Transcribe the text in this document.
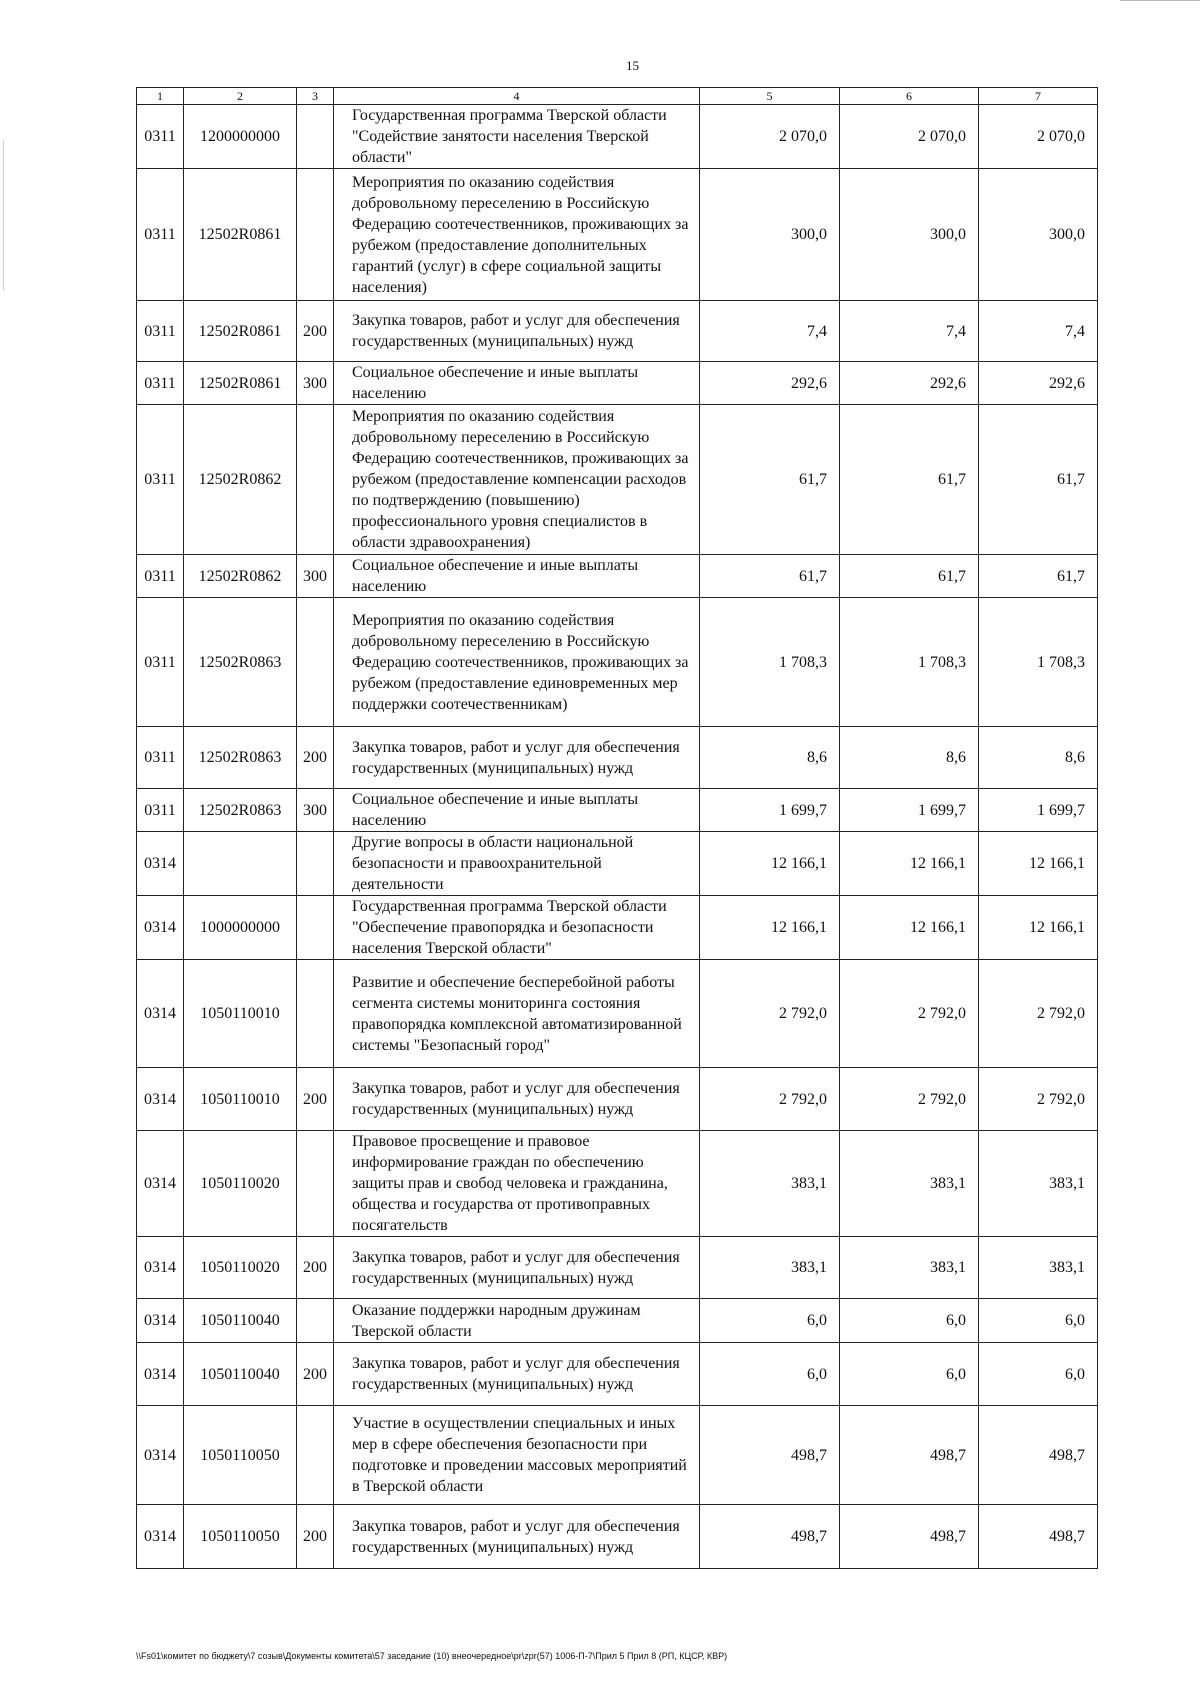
15
1	2	3	4	5	6	7
0311	1200000000		Государственная программа Тверской области "Содействие занятости населения Тверской области"	2 070,0	2 070,0	2 070,0
0311	12502R0861		Мероприятия по оказанию содействия добровольному переселению в Российскую Федерацию соотечественников, проживающих за рубежом (предоставление дополнительных гарантий (услуг) в сфере социальной защиты населения)	300,0	300,0	300,0
0311	12502R0861	200	Закупка товаров, работ и услуг для обеспечения государственных (муниципальных) нужд	7,4	7,4	7,4
0311	12502R0861	300	Социальное обеспечение и иные выплаты населению	292,6	292,6	292,6
0311	12502R0862		Мероприятия по оказанию содействия добровольному переселению в Российскую Федерацию соотечественников, проживающих за рубежом (предоставление компенсации расходов по подтверждению (повышению) профессионального уровня специалистов в области здравоохранения)	61,7	61,7	61,7
0311	12502R0862	300	Социальное обеспечение и иные выплаты населению	61,7	61,7	61,7
0311	12502R0863		Мероприятия по оказанию содействия добровольному переселению в Российскую Федерацию соотечественников, проживающих за рубежом (предоставление единовременных мер поддержки соотечественникам)	1 708,3	1 708,3	1 708,3
0311	12502R0863	200	Закупка товаров, работ и услуг для обеспечения государственных (муниципальных) нужд	8,6	8,6	8,6
0311	12502R0863	300	Социальное обеспечение и иные выплаты населению	1 699,7	1 699,7	1 699,7
0314			Другие вопросы в области национальной безопасности и правоохранительной деятельности	12 166,1	12 166,1	12 166,1
0314	1000000000		Государственная программа Тверской области "Обеспечение правопорядка и безопасности населения Тверской области"	12 166,1	12 166,1	12 166,1
0314	1050110010		Развитие и обеспечение бесперебойной работы сегмента системы мониторинга состояния правопорядка комплексной автоматизированной системы "Безопасный город"	2 792,0	2 792,0	2 792,0
0314	1050110010	200	Закупка товаров, работ и услуг для обеспечения государственных (муниципальных) нужд	2 792,0	2 792,0	2 792,0
0314	1050110020		Правовое просвещение и правовое информирование граждан по обеспечению защиты прав и свобод человека и гражданина, общества и государства от противоправных посягательств	383,1	383,1	383,1
0314	1050110020	200	Закупка товаров, работ и услуг для обеспечения государственных (муниципальных) нужд	383,1	383,1	383,1
0314	1050110040		Оказание поддержки народным дружинам Тверской области	6,0	6,0	6,0
0314	1050110040	200	Закупка товаров, работ и услуг для обеспечения государственных (муниципальных) нужд	6,0	6,0	6,0
0314	1050110050		Участие в осуществлении специальных и иных мер в сфере обеспечения безопасности при подготовке и проведении массовых мероприятий в Тверской области	498,7	498,7	498,7
0314	1050110050	200	Закупка товаров, работ и услуг для обеспечения государственных (муниципальных) нужд	498,7	498,7	498,7
\\Fs01\комитет по бюджету\7 созыв\Документы комитета\57 заседание (10) внеочередное\pr\zpr(57) 1006-П-7\Прил 5 Прил 8 (РП, КЦСР, КВР)
